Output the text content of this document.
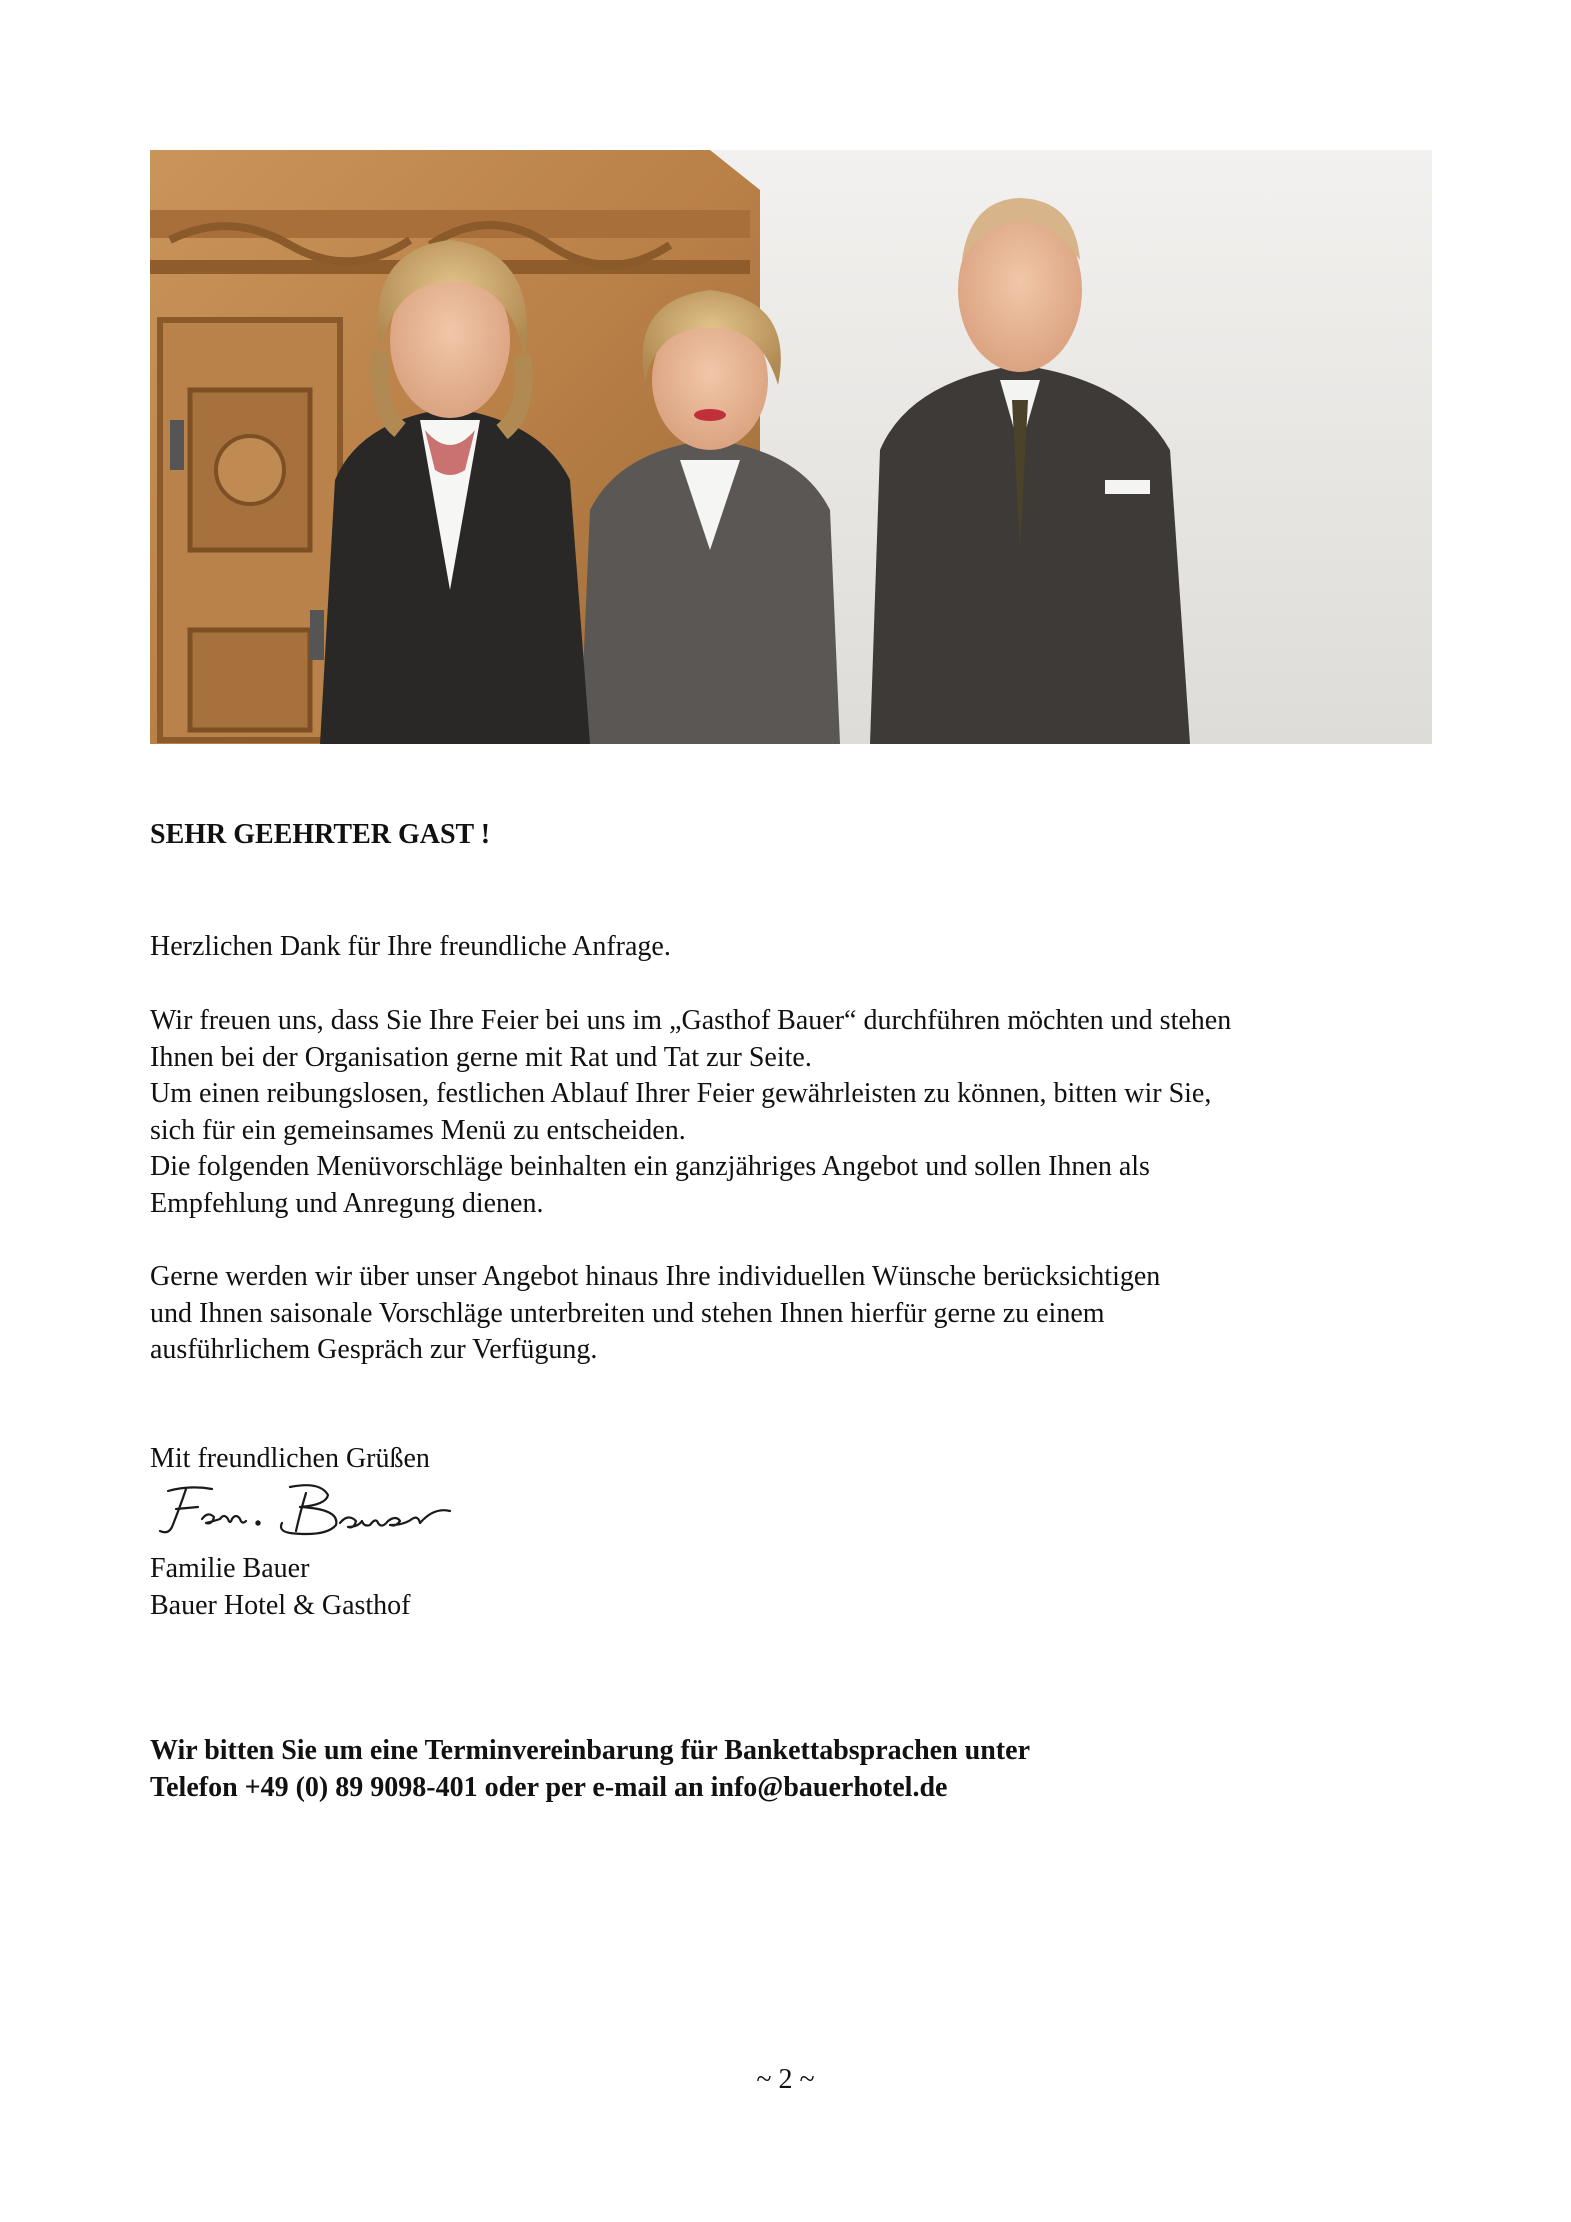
SEHR GEEHRTER GAST !

Herzlichen Dank für Ihre freundliche Anfrage.

Wir freuen uns, dass Sie Ihre Feier bei uns im „Gasthof Bauer“ durchführen möchten und stehen
Ihnen bei der Organisation gerne mit Rat und Tat zur Seite.
Um einen reibungslosen, festlichen Ablauf Ihrer Feier gewährleisten zu können, bitten wir Sie,
sich für ein gemeinsames Menü zu entscheiden.
Die folgenden Menüvorschläge beinhalten ein ganzjähriges Angebot und sollen Ihnen als
Empfehlung und Anregung dienen.

Gerne werden wir über unser Angebot hinaus Ihre individuellen Wünsche berücksichtigen
und Ihnen saisonale Vorschläge unterbreiten und stehen Ihnen hierfür gerne zu einem
ausführlichem Gespräch zur Verfügung.

Mit freundlichen Grüßen

Familie Bauer
Bauer Hotel & Gasthof

Wir bitten Sie um eine Terminvereinbarung für Bankettabsprachen unter
Telefon +49 (0) 89 9098-401 oder per e-mail an info@bauerhotel.de

~ 2 ~
